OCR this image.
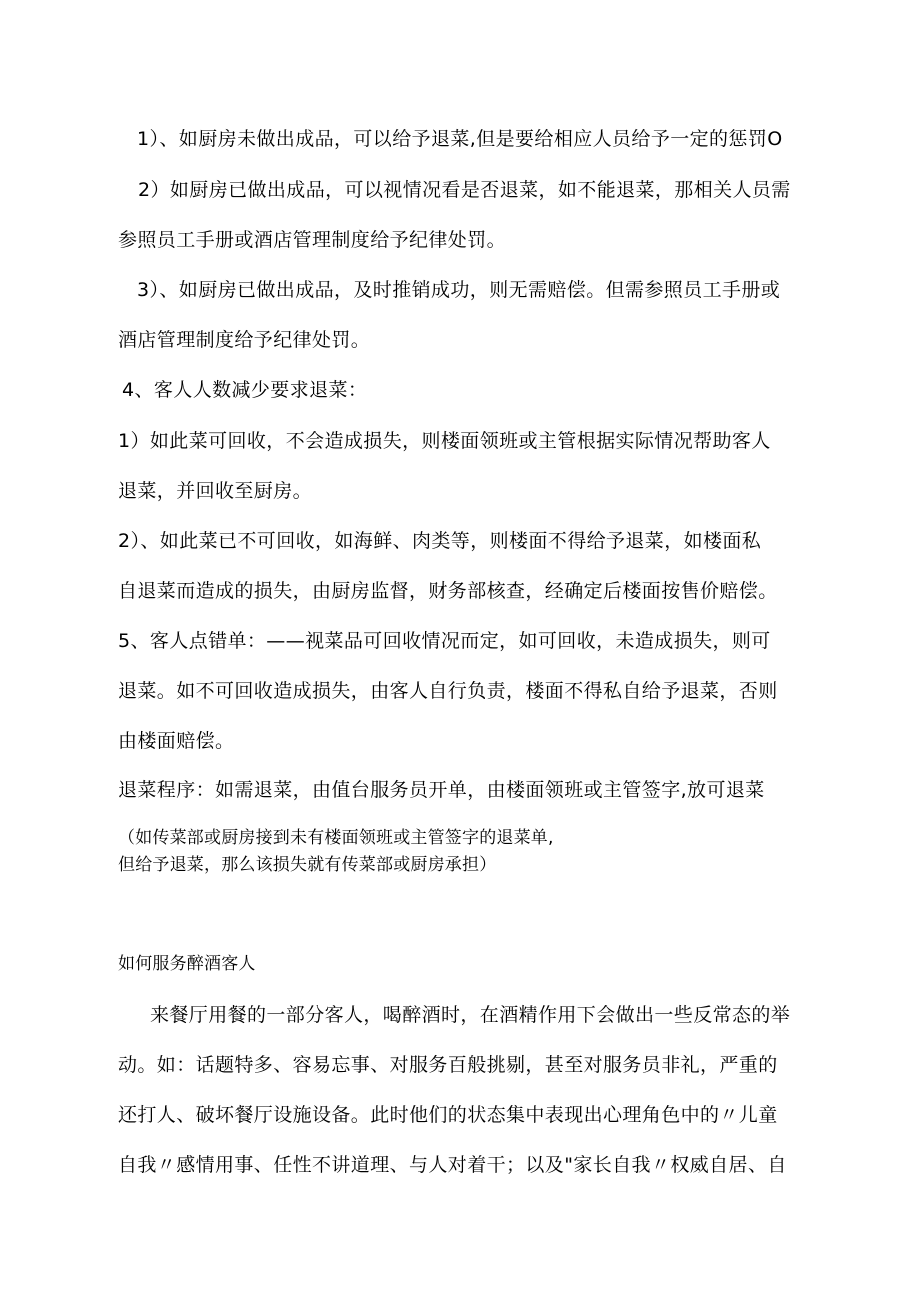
1）、如厨房未做出成品，可以给予退菜,但是要给相应人员给予一定的惩罚O

2）如厨房已做出成品，可以视情况看是否退菜，如不能退菜，那相关人员需

参照员工手册或酒店管理制度给予纪律处罚。

3）、如厨房已做出成品，及时推销成功，则无需赔偿。但需参照员工手册或

酒店管理制度给予纪律处罚。

4、客人人数减少要求退菜：

1）如此菜可回收，不会造成损失，则楼面领班或主管根据实际情况帮助客人

退菜，并回收至厨房。

2）、如此菜已不可回收，如海鲜、肉类等，则楼面不得给予退菜，如楼面私

自退菜而造成的损失，由厨房监督，财务部核查，经确定后楼面按售价赔偿。

5、客人点错单：——视菜品可回收情况而定，如可回收，未造成损失，则可

退菜。如不可回收造成损失，由客人自行负责，楼面不得私自给予退菜，否则

由楼面赔偿。

退菜程序：如需退菜，由值台服务员开单，由楼面领班或主管签字,放可退菜

（如传菜部或厨房接到未有楼面领班或主管签字的退菜单,

但给予退菜，那么该损失就有传菜部或厨房承担）

如何服务醉酒客人

来餐厅用餐的一部分客人，喝醉酒时，在酒精作用下会做出一些反常态的举

动。如：话题特多、容易忘事、对服务百般挑剔，甚至对服务员非礼，严重的

还打人、破坏餐厅设施设备。此时他们的状态集中表现出心理角色中的〃儿童

自我〃感情用事、任性不讲道理、与人对着干；以及"家长自我〃权威自居、自
